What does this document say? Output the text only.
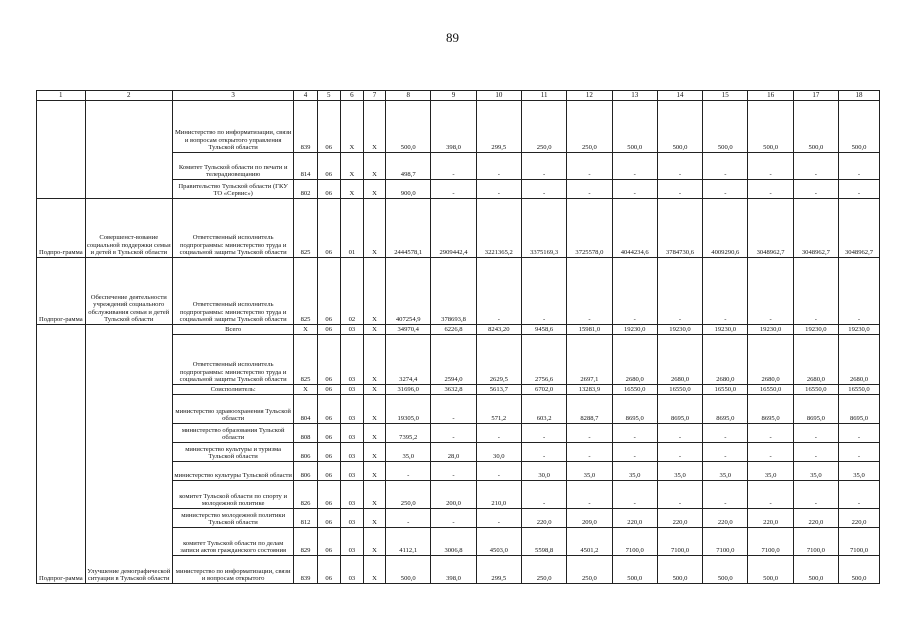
89
1	2	3	4	5	6	7	8	9	10	11	12	13	14	15	16	17	18
		Министерство по информатизации, связи и вопросам открытого управления Тульской области	839	06	Х	Х	500,0	398,0	299,5	250,0	250,0	500,0	500,0	500,0	500,0	500,0	500,0
		Комитет Тульской области по печати и телерадиовещанию	814	06	Х	Х	498,7	-	-	-	-	-	-	-	-	-	-
		Правительство Тульской области (ГКУ ТО «Сервис»)	802	06	Х	Х	900,0	-	-	-	-	-	-	-	-	-	-
Подпро-грамма	Совершенст-вование социальной поддержки семьи и детей в Тульской области	Ответственный исполнитель подпрограммы: министерство труда и социальной защиты Тульской области	825	06	01	Х	2444578,1	2909442,4	3221365,2	3375169,3	3725578,0	4044234,6	3784730,6	4009290,6	3048962,7	3048962,7	3048962,7
Подпрог-рамма	Обеспечение деятельности учреждений социального обслуживания семьи и детей Тульской области	Ответственный исполнитель подпрограммы: министерство труда и социальной защиты Тульской области	825	06	02	Х	407254,9	378693,8	-	-	-	-	-	-	-	-	-
Подпрог-рамма	Улучшение демографической ситуации в Тульской области	Всего	Х	06	03	Х	34970,4	6226,8	8243,20	9458,6	15981,0	19230,0	19230,0	19230,0	19230,0	19230,0	19230,0
		Ответственный исполнитель подпрограммы: министерство труда и социальной защиты Тульской области	825	06	03	Х	3274,4	2594,0	2629,5	2756,6	2697,1	2680,0	2680,0	2680,0	2680,0	2680,0	2680,0
		Соисполнитель:	Х	06	03	Х	31696,0	3632,8	5613,7	6702,0	13283,9	16550,0	16550,0	16550,0	16550,0	16550,0	16550,0
		министерство здравоохранения Тульской области	804	06	03	Х	19305,0	-	571,2	603,2	8288,7	8695,0	8695,0	8695,0	8695,0	8695,0	8695,0
		министерство образования Тульской области	808	06	03	Х	7395,2	-	-	-	-	-	-	-	-	-	-
		министерство культуры и туризма Тульской области	806	06	03	Х	35,0	28,0	30,0	-	-	-	-	-	-	-	-
		министерство культуры Тульской области	806	06	03	Х	-	-	-	30,0	35,0	35,0	35,0	35,0	35,0	35,0	35,0
		комитет Тульской области по спорту и молодежной политике	826	06	03	Х	250,0	200,0	210,0	-	-	-	-	-	-	-	-
		министерство молодежной политики Тульской области	812	06	03	Х	-	-	-	220,0	209,0	220,0	220,0	220,0	220,0	220,0	220,0
		комитет Тульской области по делам записи актов гражданского состояния	829	06	03	Х	4112,1	3006,8	4503,0	5598,8	4501,2	7100,0	7100,0	7100,0	7100,0	7100,0	7100,0
		министерство по информатизации, связи и вопросам открытого	839	06	03	Х	500,0	398,0	299,5	250,0	250,0	500,0	500,0	500,0	500,0	500,0	500,0
